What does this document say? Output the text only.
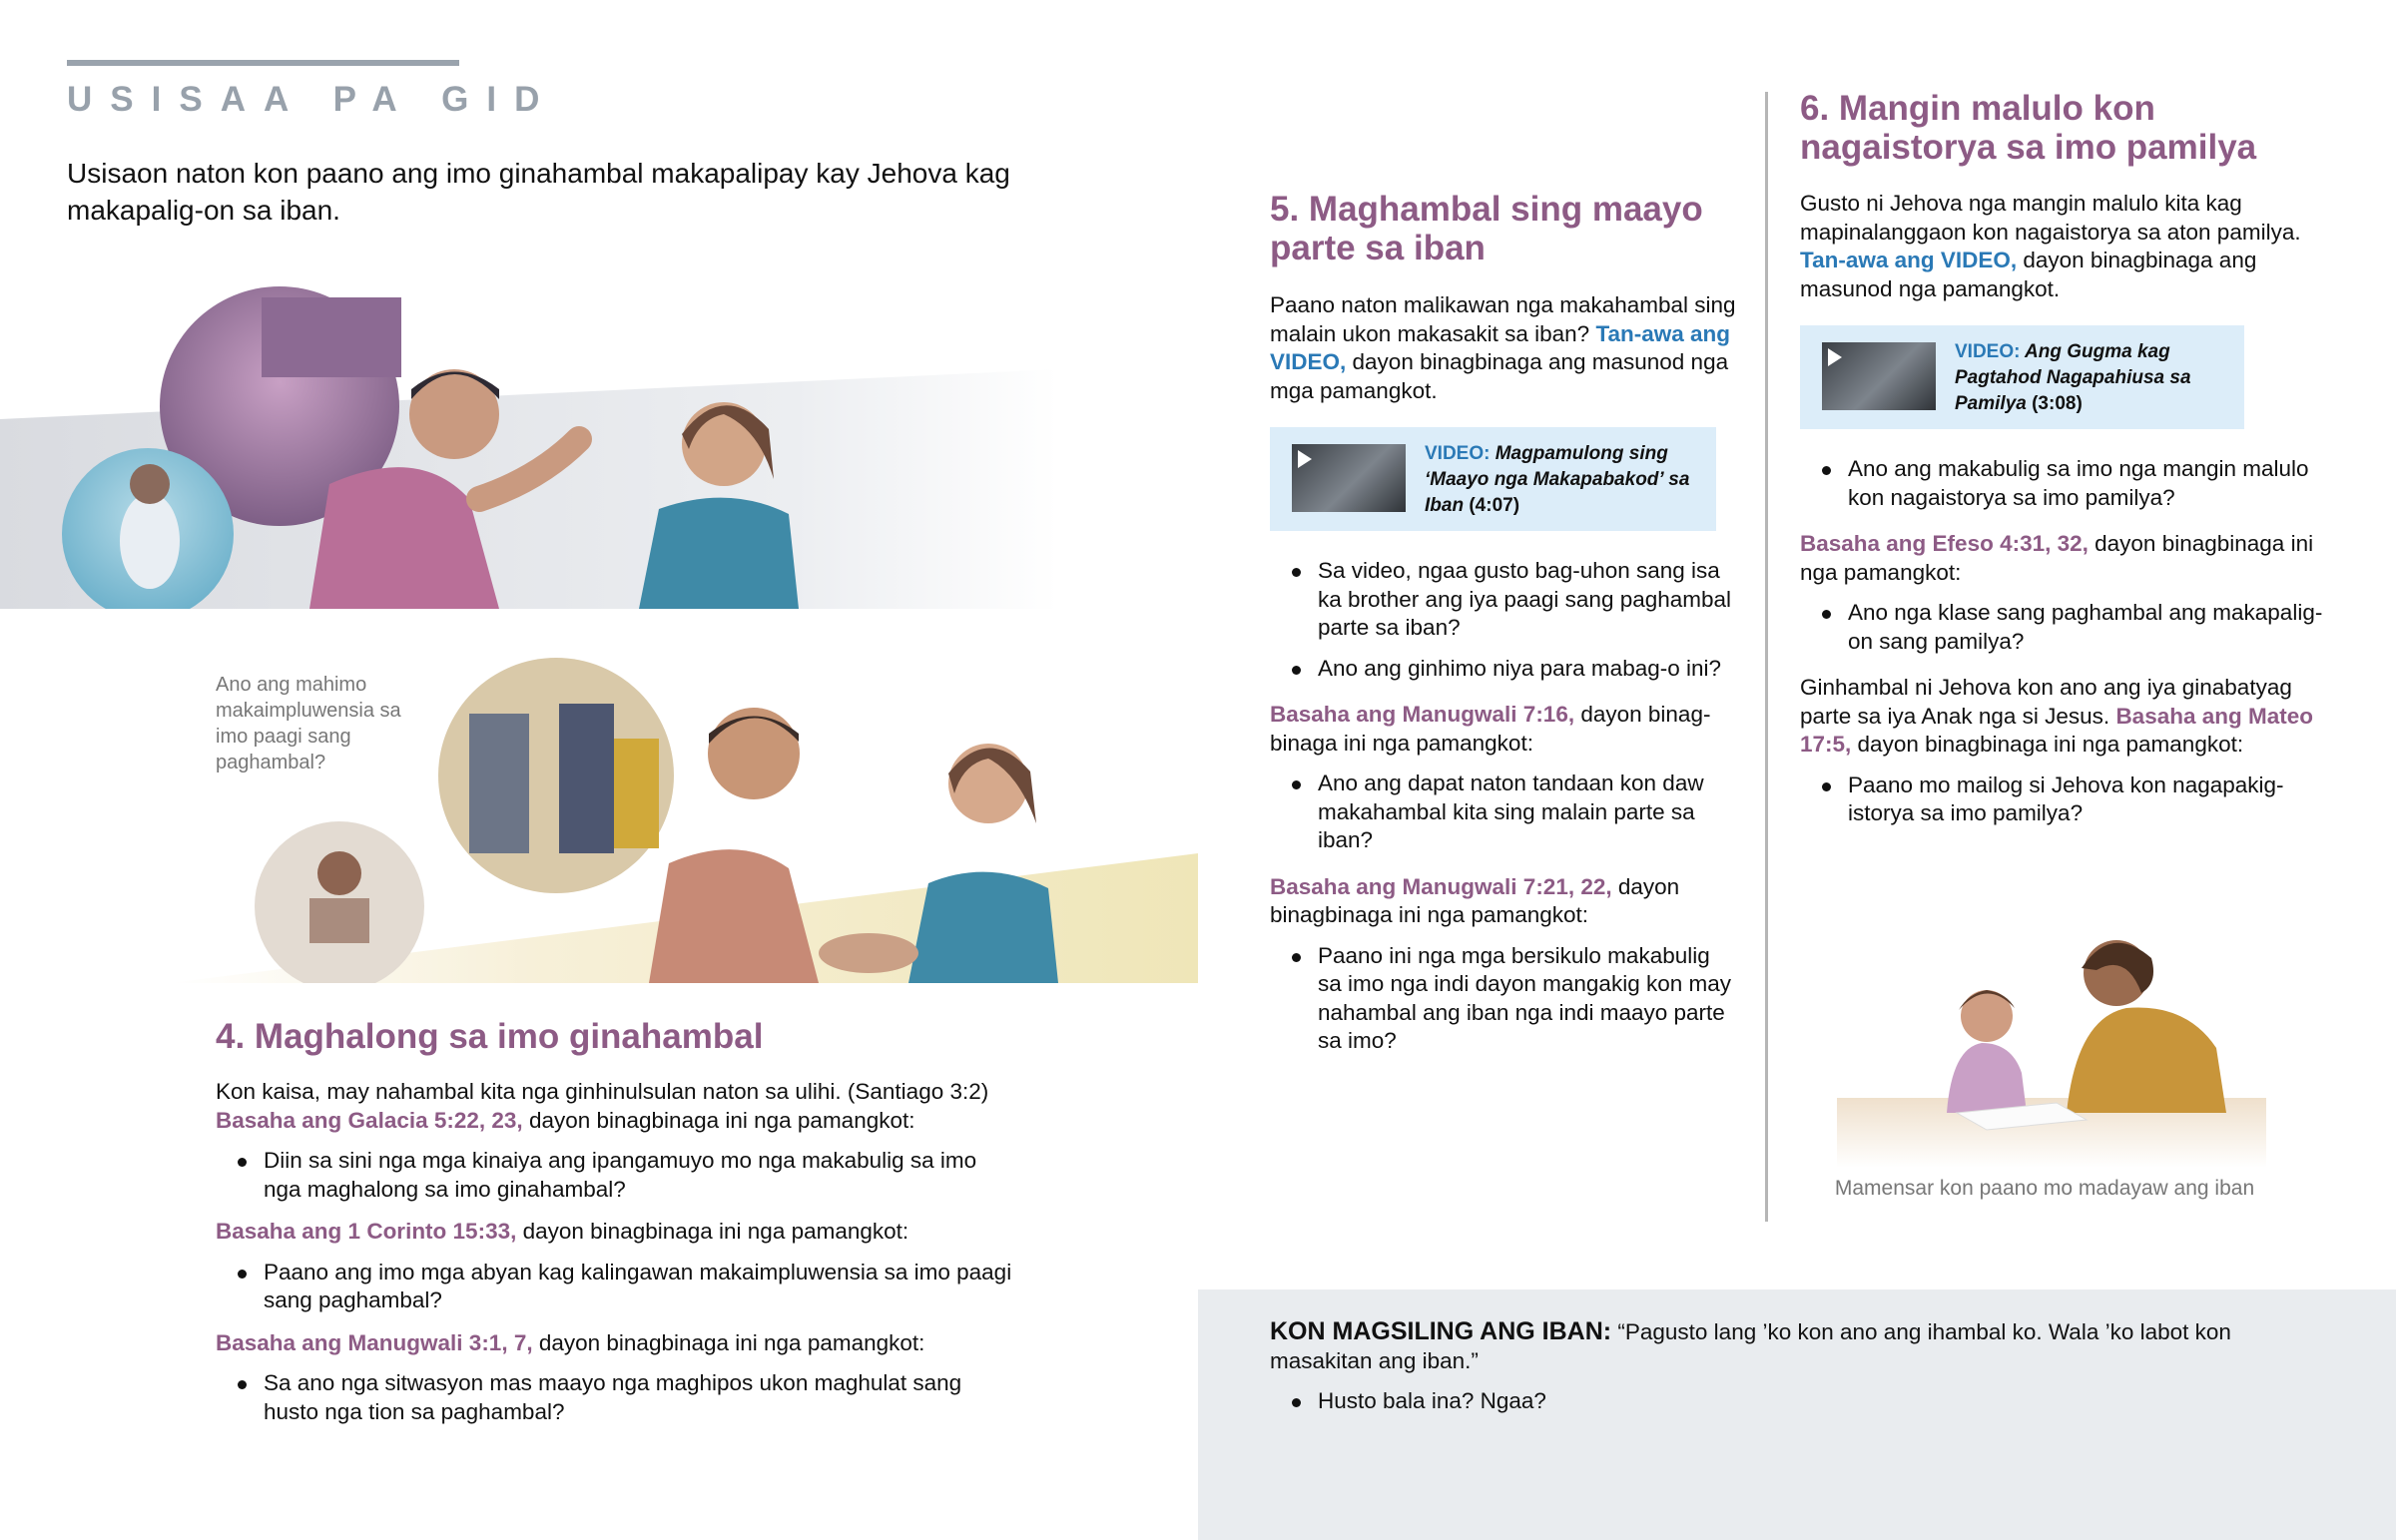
USISAA PA GID
Usisaon naton kon paano ang imo ginahambal makapalipay kay Jehova kag makapalig-on sa iban.
Ano ang mahimo makaimpluwensia sa imo paagi sang paghambal?
4. Maghalong sa imo ginahambal
Kon kaisa, may nahambal kita nga ginhinulsulan naton sa ulihi. (Santiago 3:2)
Basaha ang Galacia 5:22, 23, dayon binagbinaga ini nga pamangkot:
Diin sa sini nga mga kinaiya ang ipangamuyo mo nga makabulig sa imo nga maghalong sa imo ginahambal?
Basaha ang 1 Corinto 15:33, dayon binagbinaga ini nga pamangkot:
Paano ang imo mga abyan kag kalingawan makaimpluwensia sa imo paagi sang paghambal?
Basaha ang Manugwali 3:1, 7, dayon binagbinaga ini nga pamangkot:
Sa ano nga sitwasyon mas maayo nga maghipos ukon maghulat sang husto nga tion sa paghambal?
5. Maghambal sing maayo parte sa iban
Paano naton malikawan nga makahambal sing malain ukon makasakit sa iban? Tan-awa ang VIDEO, dayon binagbinaga ang masunod nga mga pamangkot.
VIDEO: Magpamulong sing ‘Maayo nga Makapabakod’ sa Iban (4:07)
Sa video, ngaa gusto bag-uhon sang isa ka brother ang iya paagi sang paghambal parte sa iban?
Ano ang ginhimo niya para mabag-o ini?
Basaha ang Manugwali 7:16, dayon binagbinaga ini nga pamangkot:
Ano ang dapat naton tandaan kon daw makahambal kita sing malain parte sa iban?
Basaha ang Manugwali 7:21, 22, dayon binagbinaga ini nga pamangkot:
Paano ini nga mga bersikulo makabulig sa imo nga indi dayon mangakig kon may nahambal ang iban nga indi maayo parte sa imo?
6. Mangin malulo kon nagaistorya sa imo pamilya
Gusto ni Jehova nga mangin malulo kita kag mapinalanggaon kon nagaistorya sa aton pamilya. Tan-awa ang VIDEO, dayon binagbinaga ang masunod nga pamangkot.
VIDEO: Ang Gugma kag Pagtahod Nagapahiusa sa Pamilya (3:08)
Ano ang makabulig sa imo nga mangin malulo kon nagaistorya sa imo pamilya?
Basaha ang Efeso 4:31, 32, dayon binagbinaga ini nga pamangkot:
Ano nga klase sang paghambal ang makapalig-on sang pamilya?
Ginhambal ni Jehova kon ano ang iya ginabatyag parte sa iya Anak nga si Jesus. Basaha ang Mateo 17:5, dayon binagbinaga ini nga pamangkot:
Paano mo mailog si Jehova kon nagapakigistorya sa imo pamilya?
Mamensar kon paano mo madayaw ang iban
KON MAGSILING ANG IBAN: “Pagusto lang ’ko kon ano ang ihambal ko. Wala ’ko labot kon masakitan ang iban.”
Husto bala ina? Ngaa?
